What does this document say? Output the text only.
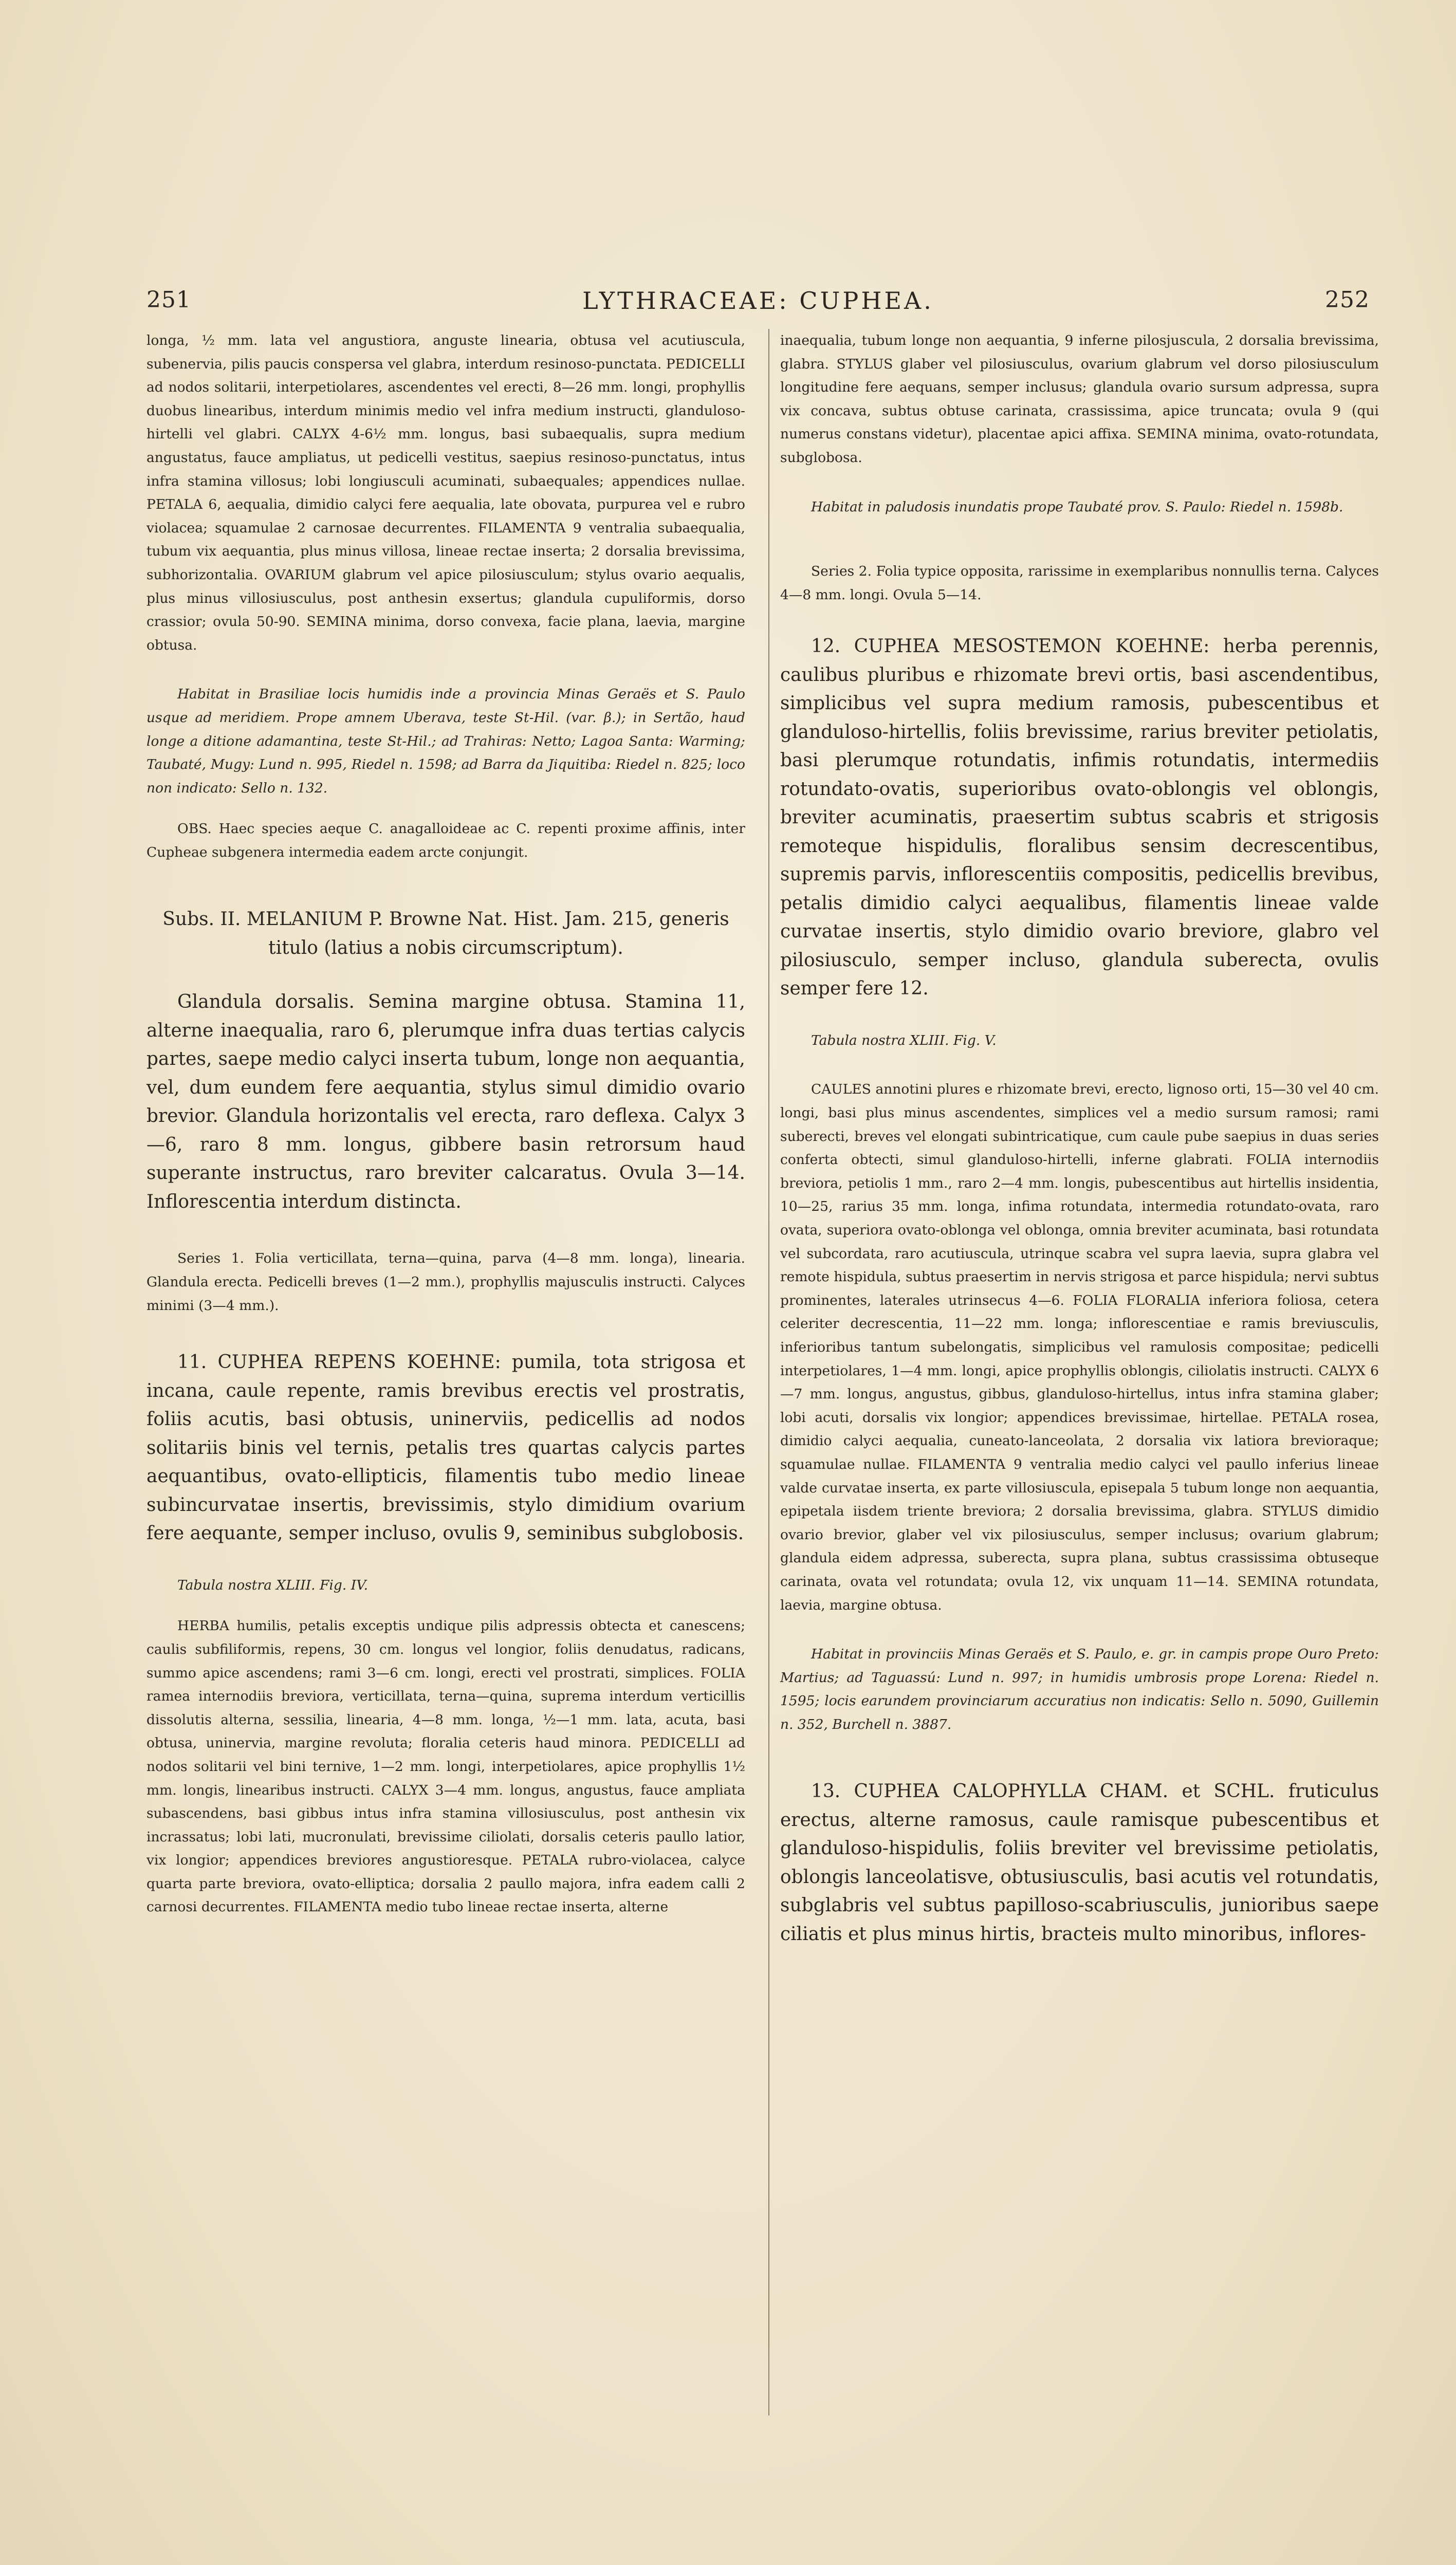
251	LYTHRACEAE: CUPHEA.	252

longa, ½ mm. lata vel angustiora, anguste linearia, obtusa vel acutiuscula, subenervia, pilis paucis conspersa vel glabra, interdum resinoso-punctata. PEDICELLI ad nodos solitarii, interpetiolares, ascendentes vel erecti, 8—26 mm. longi, prophyllis duobus linearibus, interdum minimis medio vel infra medium instructi, glanduloso-hirtelli vel glabri. CALYX 4-6½ mm. longus, basi subaequalis, supra medium angustatus, fauce ampliatus, ut pedicelli vestitus, saepius resinoso-punctatus, intus infra stamina villosus; lobi longiusculi acuminati, subaequales; appendices nullae. PETALA 6, aequalia, dimidio calyci fere aequalia, late obovata, purpurea vel e rubro violacea; squamulae 2 carnosae decurrentes. FILAMENTA 9 ventralia subaequalia, tubum vix aequantia, plus minus villosa, lineae rectae inserta; 2 dorsalia brevissima, subhorizontalia. OVARIUM glabrum vel apice pilosiusculum; stylus ovario aequalis, plus minus villosiusculus, post anthesin exsertus; glandula cupuliformis, dorso crassior; ovula 50-90. SEMINA minima, dorso convexa, facie plana, laevia, margine obtusa.

Habitat in Brasiliae locis humidis inde a provincia Minas Geraës et S. Paulo usque ad meridiem. Prope amnem Uberava, teste St-Hil. (var. β.); in Sertão, haud longe a ditione adamantina, teste St-Hil.; ad Trahiras: Netto; Lagoa Santa: Warming; Taubaté, Mugy: Lund n. 995, Riedel n. 1598; ad Barra da Jiquitiba: Riedel n. 825; loco non indicato: Sello n. 132.

OBS. Haec species aeque C. anagalloideae ac C. repenti proxime affinis, inter Cupheae subgenera intermedia eadem arcte conjungit.

Subs. II. MELANIUM P. Browne Nat. Hist. Jam. 215, generis titulo (latius a nobis circumscriptum).

Glandula dorsalis. Semina margine obtusa. Stamina 11, alterne inaequalia, raro 6, plerumque infra duas tertias calycis partes, saepe medio calyci inserta tubum, longe non aequantia, vel, dum eundem fere aequantia, stylus simul dimidio ovario brevior. Glandula horizontalis vel erecta, raro deflexa. Calyx 3—6, raro 8 mm. longus, gibbere basin retrorsum haud superante instructus, raro breviter calcaratus. Ovula 3—14. Inflorescentia interdum distincta.

Series 1. Folia verticillata, terna—quina, parva (4—8 mm. longa), linearia. Glandula erecta. Pedicelli breves (1—2 mm.), prophyllis majusculis instructi. Calyces minimi (3—4 mm.).

11. CUPHEA REPENS KOEHNE: pumila, tota strigosa et incana, caule repente, ramis brevibus erectis vel prostratis, foliis acutis, basi obtusis, uninerviis, pedicellis ad nodos solitariis binis vel ternis, petalis tres quartas calycis partes aequantibus, ovato-ellipticis, filamentis tubo medio lineae subincurvatae insertis, brevissimis, stylo dimidium ovarium fere aequante, semper incluso, ovulis 9, seminibus subglobosis.

Tabula nostra XLIII. Fig. IV.

HERBA humilis, petalis exceptis undique pilis adpressis obtecta et canescens; caulis subfiliformis, repens, 30 cm. longus vel longior, foliis denudatus, radicans, summo apice ascendens; rami 3—6 cm. longi, erecti vel prostrati, simplices. FOLIA ramea internodiis breviora, verticillata, terna—quina, suprema interdum verticillis dissolutis alterna, sessilia, linearia, 4—8 mm. longa, ½—1 mm. lata, acuta, basi obtusa, uninervia, margine revoluta; floralia ceteris haud minora. PEDICELLI ad nodos solitarii vel bini ternive, 1—2 mm. longi, interpetiolares, apice prophyllis 1½ mm. longis, linearibus instructi. CALYX 3—4 mm. longus, angustus, fauce ampliata subascendens, basi gibbus intus infra stamina villosiusculus, post anthesin vix incrassatus; lobi lati, mucronulati, brevissime ciliolati, dorsalis ceteris paullo latior, vix longior; appendices breviores angustioresque. PETALA rubro-violacea, calyce quarta parte breviora, ovato-elliptica; dorsalia 2 paullo majora, infra eadem calli 2 carnosi decurrentes. FILAMENTA medio tubo lineae rectae inserta, alterne

inaequalia, tubum longe non aequantia, 9 inferne pilosjuscula, 2 dorsalia brevissima, glabra. STYLUS glaber vel pilosiusculus, ovarium glabrum vel dorso pilosiusculum longitudine fere aequans, semper inclusus; glandula ovario sursum adpressa, supra vix concava, subtus obtuse carinata, crassissima, apice truncata; ovula 9 (qui numerus constans videtur), placentae apici affixa. SEMINA minima, ovato-rotundata, subglobosa.

Habitat in paludosis inundatis prope Taubaté prov. S. Paulo: Riedel n. 1598b.

Series 2. Folia typice opposita, rarissime in exemplaribus nonnullis terna. Calyces 4—8 mm. longi. Ovula 5—14.

12. CUPHEA MESOSTEMON KOEHNE: herba perennis, caulibus pluribus e rhizomate brevi ortis, basi ascendentibus, simplicibus vel supra medium ramosis, pubescentibus et glanduloso-hirtellis, foliis brevissime, rarius breviter petiolatis, basi plerumque rotundatis, infimis rotundatis, intermediis rotundato-ovatis, superioribus ovato-oblongis vel oblongis, breviter acuminatis, praesertim subtus scabris et strigosis remoteque hispidulis, floralibus sensim decrescentibus, supremis parvis, inflorescentiis compositis, pedicellis brevibus, petalis dimidio calyci aequalibus, filamentis lineae valde curvatae insertis, stylo dimidio ovario breviore, glabro vel pilosiusculo, semper incluso, glandula suberecta, ovulis semper fere 12.

Tabula nostra XLIII. Fig. V.

CAULES annotini plures e rhizomate brevi, erecto, lignoso orti, 15—30 vel 40 cm. longi, basi plus minus ascendentes, simplices vel a medio sursum ramosi; rami suberecti, breves vel elongati subintricatique, cum caule pube saepius in duas series conferta obtecti, simul glanduloso-hirtelli, inferne glabrati. FOLIA internodiis breviora, petiolis 1 mm., raro 2—4 mm. longis, pubescentibus aut hirtellis insidentia, 10—25, rarius 35 mm. longa, infima rotundata, intermedia rotundato-ovata, raro ovata, superiora ovato-oblonga vel oblonga, omnia breviter acuminata, basi rotundata vel subcordata, raro acutiuscula, utrinque scabra vel supra laevia, supra glabra vel remote hispidula, subtus praesertim in nervis strigosa et parce hispidula; nervi subtus prominentes, laterales utrinsecus 4—6. FOLIA FLORALIA inferiora foliosa, cetera celeriter decrescentia, 11—22 mm. longa; inflorescentiae e ramis breviusculis, inferioribus tantum subelongatis, simplicibus vel ramulosis compositae; pedicelli interpetiolares, 1—4 mm. longi, apice prophyllis oblongis, ciliolatis instructi. CALYX 6—7 mm. longus, angustus, gibbus, glanduloso-hirtellus, intus infra stamina glaber; lobi acuti, dorsalis vix longior; appendices brevissimae, hirtellae. PETALA rosea, dimidio calyci aequalia, cuneato-lanceolata, 2 dorsalia vix latiora brevioraque; squamulae nullae. FILAMENTA 9 ventralia medio calyci vel paullo inferius lineae valde curvatae inserta, ex parte villosiuscula, episepala 5 tubum longe non aequantia, epipetala iisdem triente breviora; 2 dorsalia brevissima, glabra. STYLUS dimidio ovario brevior, glaber vel vix pilosiusculus, semper inclusus; ovarium glabrum; glandula eidem adpressa, suberecta, supra plana, subtus crassissima obtuseque carinata, ovata vel rotundata; ovula 12, vix unquam 11—14. SEMINA rotundata, laevia, margine obtusa.

Habitat in provinciis Minas Geraës et S. Paulo, e. gr. in campis prope Ouro Preto: Martius; ad Taguassú: Lund n. 997; in humidis umbrosis prope Lorena: Riedel n. 1595; locis earundem provinciarum accuratius non indicatis: Sello n. 5090, Guillemin n. 352, Burchell n. 3887.

13. CUPHEA CALOPHYLLA CHAM. et SCHL. fruticulus erectus, alterne ramosus, caule ramisque pubescentibus et glanduloso-hispidulis, foliis breviter vel brevissime petiolatis, oblongis lanceolatisve, obtusiusculis, basi acutis vel rotundatis, subglabris vel subtus papilloso-scabriusculis, junioribus saepe ciliatis et plus minus hirtis, bracteis multo minoribus, inflores-
